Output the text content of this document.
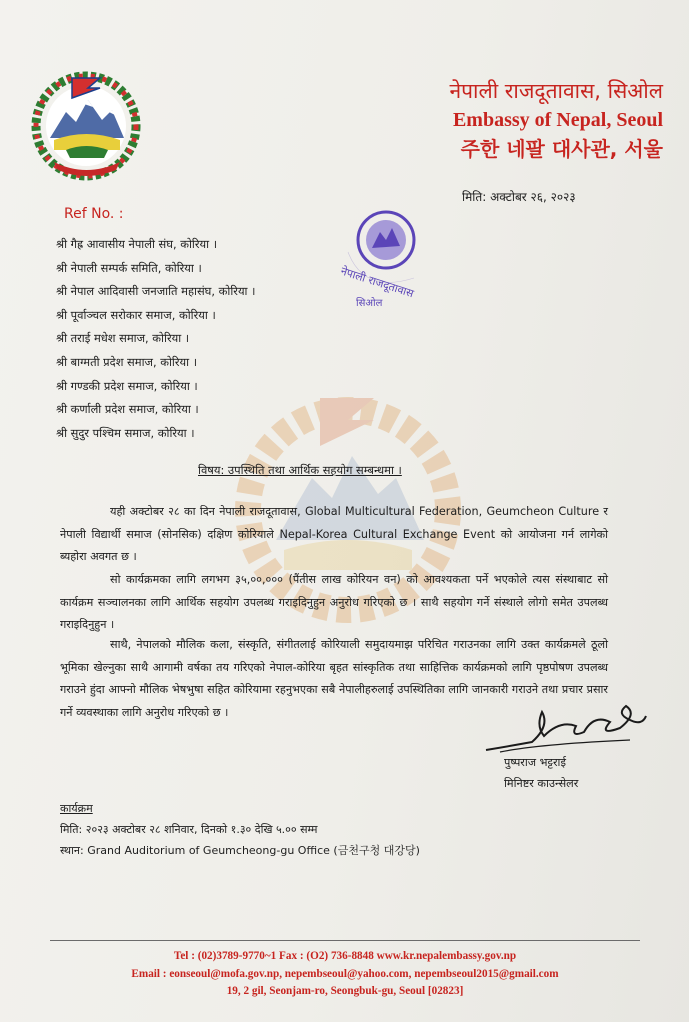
नेपाली राजदूतावास, सिओल
Embassy of Nepal, Seoul
주한 네팔 대사관, 서울
मिति: अक्टोबर २६, २०२३
Ref No. :
श्री गैह्र आवासीय नेपाली संघ, कोरिया ।
श्री नेपाली सम्पर्क समिति, कोरिया ।
श्री नेपाल आदिवासी जनजाति महासंघ, कोरिया ।
श्री पूर्वाञ्चल सरोकार समाज, कोरिया ।
श्री तराई मधेश समाज, कोरिया ।
श्री बाग्मती प्रदेश समाज, कोरिया ।
श्री गण्डकी प्रदेश समाज, कोरिया ।
श्री कर्णाली प्रदेश समाज, कोरिया ।
श्री सुदुर पश्चिम समाज, कोरिया ।
नेपाली राजदूतावास
सिओल
विषय: उपस्थिति तथा आर्थिक सहयोग सम्बन्धमा ।
यही अक्टोबर २८ का दिन नेपाली राजदूतावास, Global Multicultural Federation, Geumcheon Culture र नेपाली विद्यार्थी समाज (सोनसिक) दक्षिण कोरियाले Nepal-Korea Cultural Exchange Event को आयोजना गर्न लागेको ब्यहोरा अवगत छ ।
सो कार्यक्रमका लागि लगभग ३५,००,००० (पैंतीस लाख कोरियन वन) को आवश्यकता पर्ने भएकोले त्यस संस्थाबाट सो कार्यक्रम सञ्चालनका लागि आर्थिक सहयोग उपलब्ध गराइदिनुहुन अनुरोध गरिएको छ । साथै सहयोग गर्ने संस्थाले लोगो समेत उपलब्ध गराइदिनुहुन ।
साथै, नेपालको मौलिक कला, संस्कृति, संगीतलाई कोरियाली समुदायमाझ परिचित गराउनका लागि उक्त कार्यक्रमले ठूलो भूमिका खेल्नुका साथै आगामी वर्षका तय गरिएको नेपाल-कोरिया बृहत सांस्कृतिक तथा साहित्तिक कार्यक्रमको लागि पृष्ठपोषण उपलब्ध गराउने हुंदा आफ्नो मौलिक भेषभुषा सहित कोरियामा रहनुभएका सबै नेपालीहरुलाई उपस्थितिका लागि जानकारी गराउने तथा प्रचार प्रसार गर्ने व्यवस्थाका लागि अनुरोध गरिएको छ ।
पुष्पराज भट्टराई
मिनिष्टर काउन्सेलर
कार्यक्रम
मिति: २०२३ अक्टोबर २८ शनिवार, दिनको १.३० देखि ५.०० सम्म
स्थान: Grand Auditorium of Geumcheong-gu Office (금천구청 대강당)
Tel : (02)3789-9770~1 Fax : (O2) 736-8848 www.kr.nepalembassy.gov.np
Email : eonseoul@mofa.gov.np, nepembseoul@yahoo.com, nepembseoul2015@gmail.com
19, 2 gil, Seonjam-ro, Seongbuk-gu, Seoul [02823]
